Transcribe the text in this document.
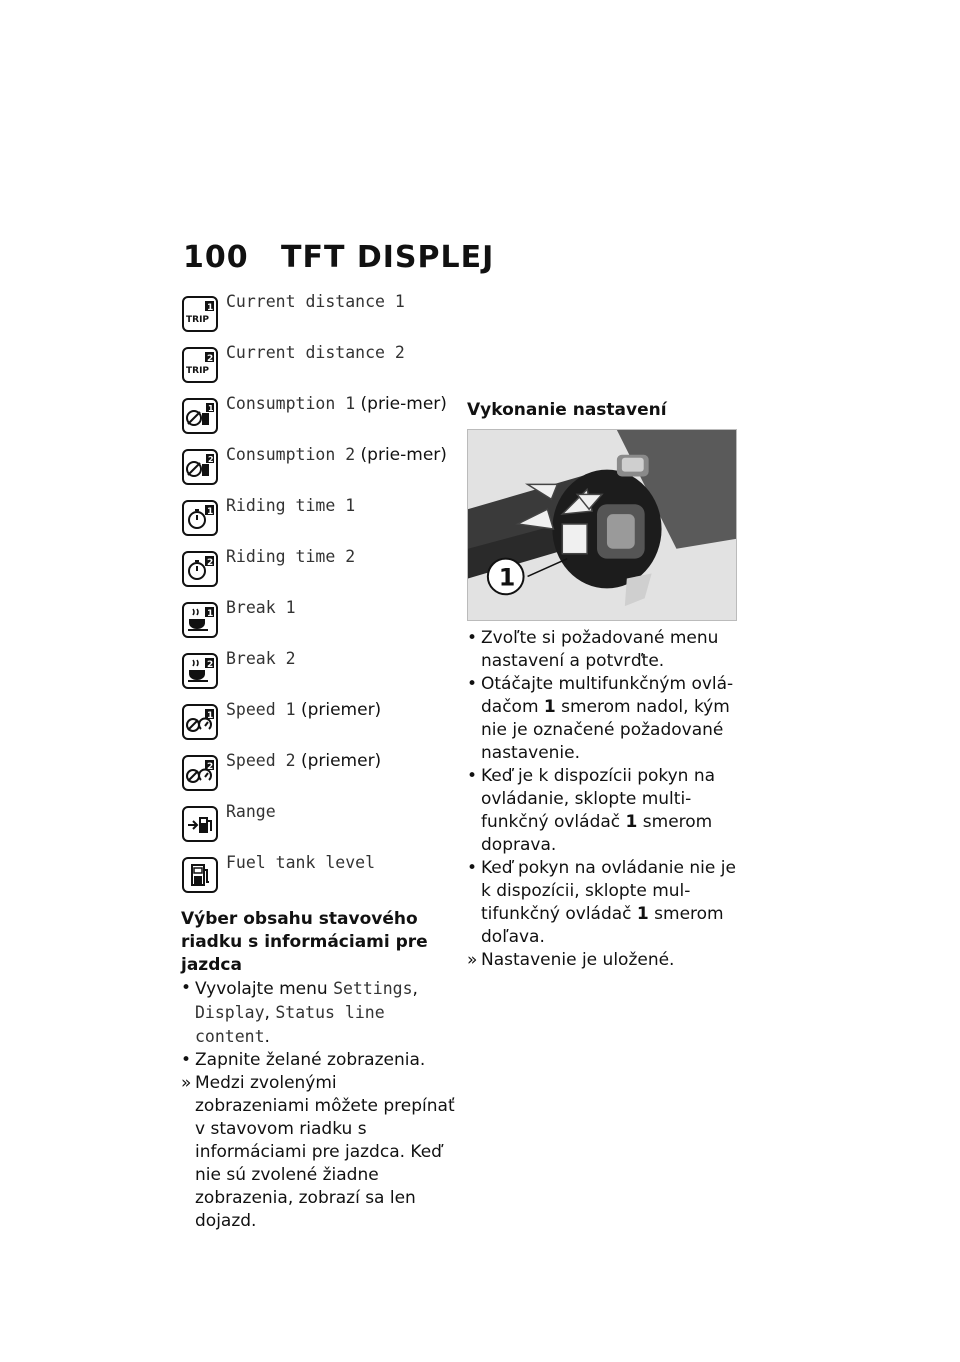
100 TFT DISPLEJ
TRIP
1 Current distance 1
TRIP
2 Current distance 2
1 Consumption 1 (prie-mer)
2 Consumption 2 (prie-mer)
1 Riding time 1
2 Riding time 2
1 Break 1
2 Break 2
1 Speed 1 (priemer)
2 Speed 2 (priemer)
Range
Fuel tank level

Výber obsahu stavového riadku s informáciami pre jazdca

• Vyvolajte menu Settings, Display, Status line content.
• Zapnite želané zobrazenia.
» Medzi zvolenými zobrazeniami môžete prepínať v stavovom riadku s informáciami pre jazdca. Keď nie sú zvolené žiadne zobrazenia, zobrazí sa len dojazd.

Vykonanie nastavení

1
• Zvoľte si požadované menu nastavení a potvrďte.
• Otáčajte multifunkčným ovlá-dačom 1 smerom nadol, kým nie je označené požadované nastavenie.
• Keď je k dispozícii pokyn na ovládanie, sklopte multi-funkčný ovládač 1 smerom doprava.
• Keď pokyn na ovládanie nie je k dispozícii, sklopte mul-tifunkčný ovládač 1 smerom doľava.
» Nastavenie je uložené.
